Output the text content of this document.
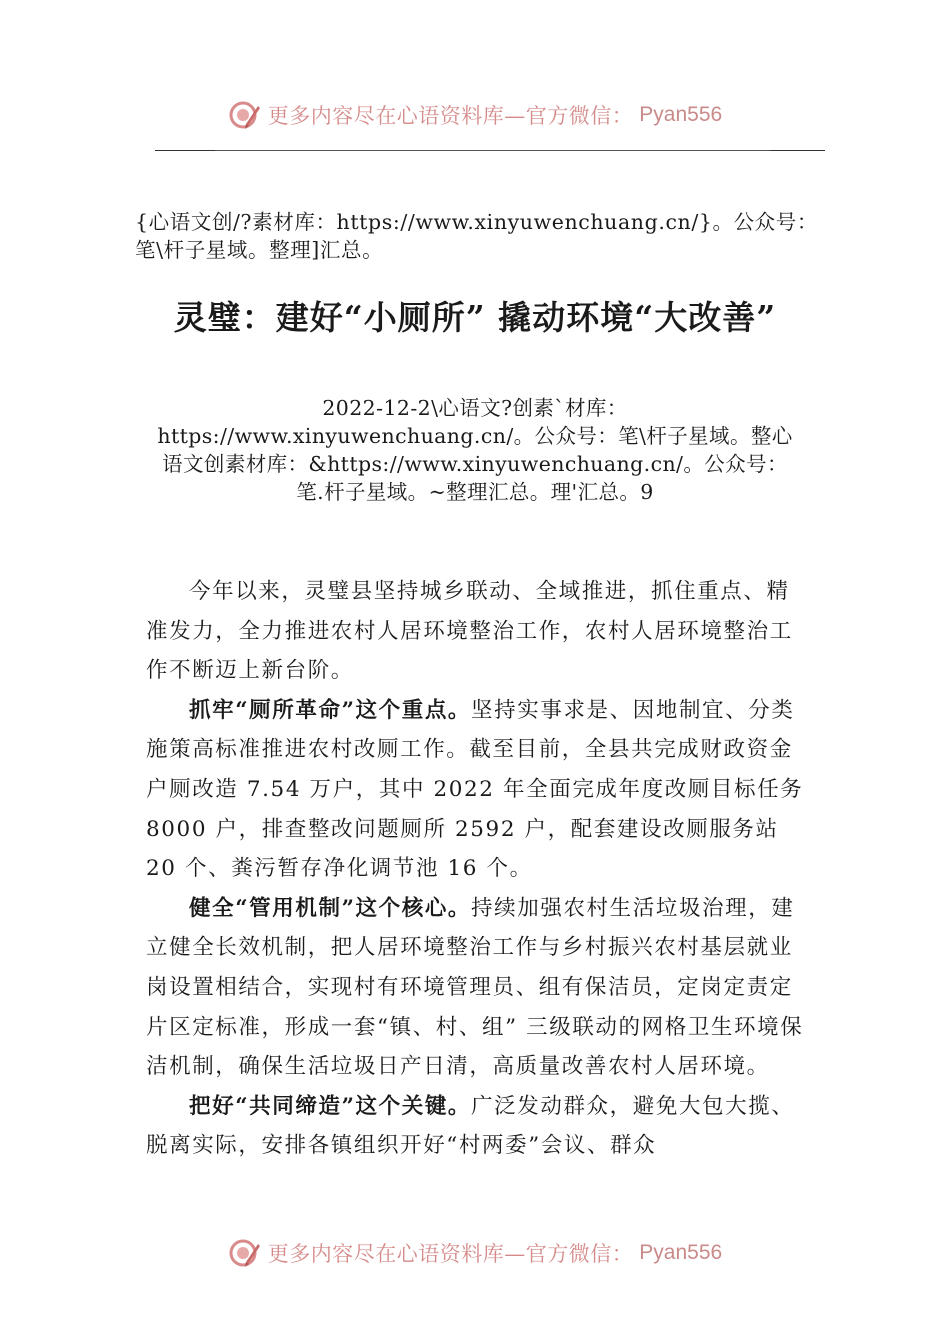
更多内容尽在心语资料库—官方微信： Pyan556
{心语文创/?素材库：https://www.xinyuwenchuang.cn/}。公众号：笔\杆子星域。整理]汇总。
灵璧：建好“小厕所” 撬动环境“大改善”
2022-12-2\心语文?创素`材库：https://www.xinyuwenchuang.cn/。公众号：笔\杆子星域。整心语文创素材库：&https://www.xinyuwenchuang.cn/。公众号：笔.杆子星域。~整理汇总。理'汇总。9

今年以来，灵璧县坚持城乡联动、全域推进，抓住重点、精准发力，全力推进农村人居环境整治工作，农村人居环境整治工作不断迈上新台阶。

抓牢“厕所革命”这个重点。坚持实事求是、因地制宜、分类施策高标准推进农村改厕工作。截至目前，全县共完成财政资金户厕改造 7.54 万户，其中 2022 年全面完成年度改厕目标任务 8000 户，排查整改问题厕所 2592 户，配套建设改厕服务站 20 个、粪污暂存净化调节池 16 个。

健全“管用机制”这个核心。持续加强农村生活垃圾治理，建立健全长效机制，把人居环境整治工作与乡村振兴农村基层就业岗设置相结合，实现村有环境管理员、组有保洁员，定岗定责定片区定标准，形成一套“镇、村、组” 三级联动的网格卫生环境保洁机制，确保生活垃圾日产日清，高质量改善农村人居环境。

把好“共同缔造”这个关键。广泛发动群众，避免大包大揽、脱离实际，安排各镇组织开好“村两委”会议、群众

更多内容尽在心语资料库—官方微信： Pyan556
